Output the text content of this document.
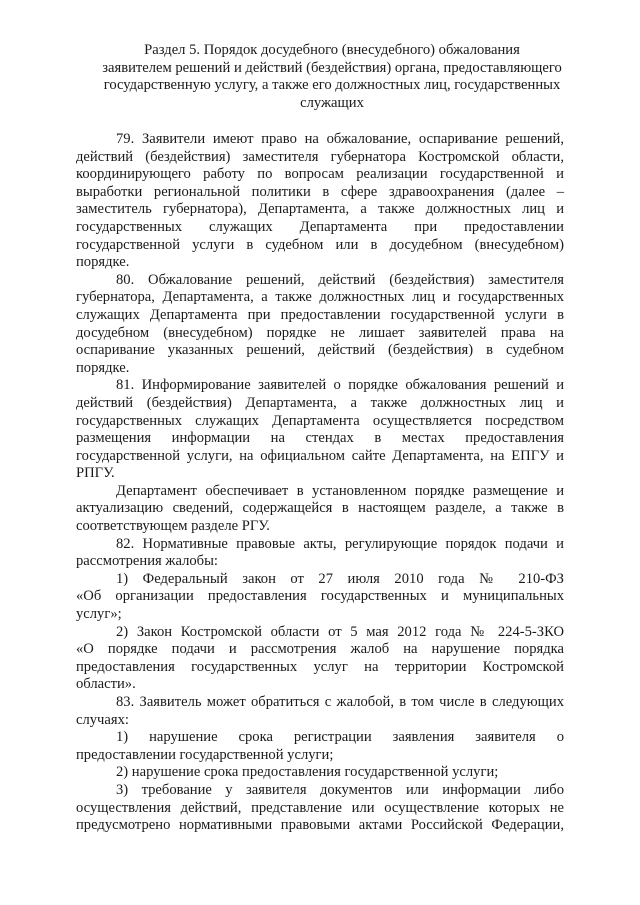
Раздел 5. Порядок досудебного (внесудебного) обжалования
заявителем решений и действий (бездействия) органа, предоставляющего
государственную услугу, а также его должностных лиц, государственных
служащих
79. Заявители имеют право на обжалование, оспаривание решений,
действий (бездействия) заместителя губернатора Костромской области,
координирующего работу по вопросам реализации государственной и
выработки региональной политики в сфере здравоохранения (далее –
заместитель губернатора), Департамента, а также должностных лиц и
государственных служащих Департамента при предоставлении
государственной услуги в судебном или в досудебном (внесудебном)
порядке.
80. Обжалование решений, действий (бездействия) заместителя
губернатора, Департамента, а также должностных лиц и государственных
служащих Департамента при предоставлении государственной услуги в
досудебном (внесудебном) порядке не лишает заявителей права на
оспаривание указанных решений, действий (бездействия) в судебном
порядке.
81. Информирование заявителей о порядке обжалования решений и
действий (бездействия) Департамента, а также должностных лиц и
государственных служащих Департамента осуществляется посредством
размещения информации на стендах в местах предоставления
государственной услуги, на официальном сайте Департамента, на ЕПГУ и
РПГУ.
Департамент обеспечивает в установленном порядке размещение и
актуализацию сведений, содержащейся в настоящем разделе, а также в
соответствующем разделе РГУ.
82. Нормативные правовые акты, регулирующие порядок подачи и
рассмотрения жалобы:
1) Федеральный закон от 27 июля 2010 года № 210-ФЗ
«Об организации предоставления государственных и муниципальных
услуг»;
2) Закон Костромской области от 5 мая 2012 года № 224-5-ЗКО
«О порядке подачи и рассмотрения жалоб на нарушение порядка
предоставления государственных услуг на территории Костромской
области».
83. Заявитель может обратиться с жалобой, в том числе в следующих
случаях:
1) нарушение срока регистрации заявления заявителя о
предоставлении государственной услуги;
2) нарушение срока предоставления государственной услуги;
3) требование у заявителя документов или информации либо
осуществления действий, представление или осуществление которых не
предусмотрено нормативными правовыми актами Российской Федерации,
